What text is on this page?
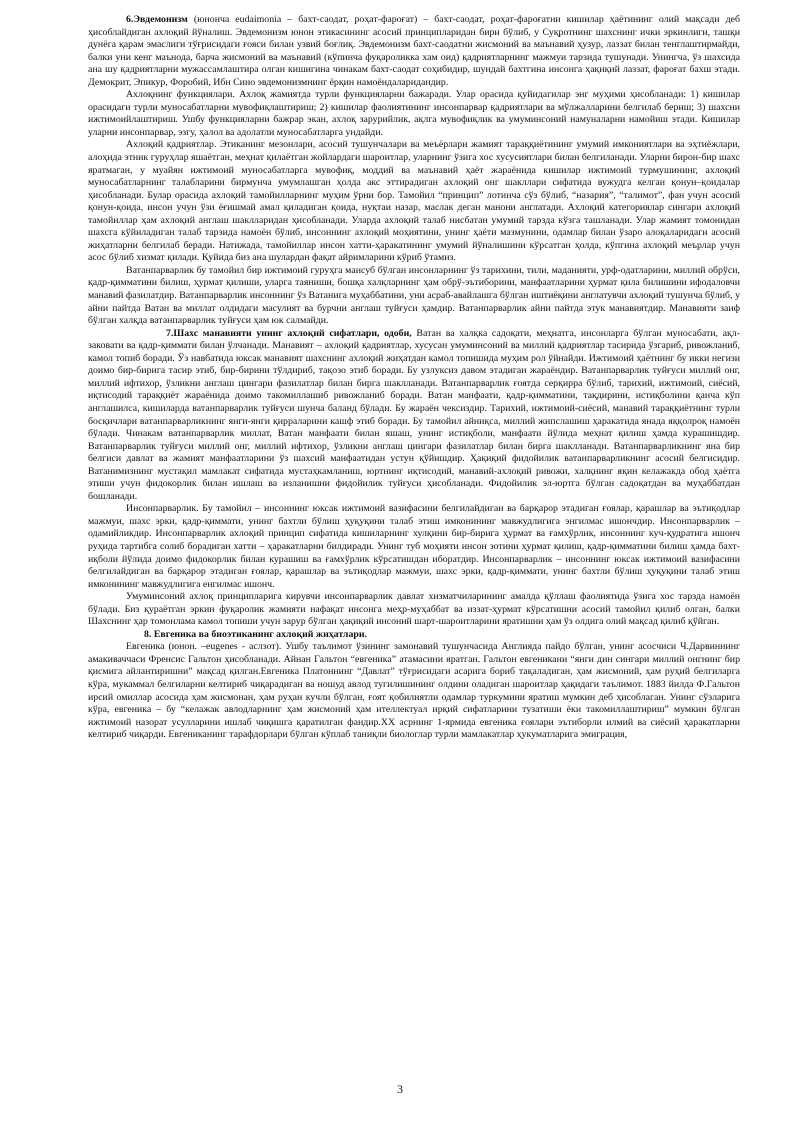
6.Эвдемонизм (юнонча eudaimonia – бахт-саодат, роҳат-фароғат) – бахт-саодат, роҳат-фароғатни кишилар ҳаётининг олий мақсади деб ҳисоблайдиган ахлоқий йўналиш. Эвдемонизм юнон этикасининг асосий принципларидан бири бўлиб, у Суқротнинг шахснинг ички эркинлиги, ташқи дунёга қарам эмаслиги тўғрисидаги ғояси билан узвий боғлиқ. Эвдемонизм бахт-саодатни жисмоний ва маънавий ҳузур, лаззат билан тенглаштирмайди, балки уни кенг маънода, барча жисмоний ва маънавий (кўпинча фуқароликка хам оид) қадриятларнинг мажмуи тарзида тушунади. Унингча, ўз шахсида ана шу қадриятларни мужассамлаштира олган кишигина чинакам бахт-саодат соҳибидир, шундай бахтгина инсонга ҳақиқий лаззат, фароғат бахш этади. Демокрит, Эпикур, Форобий, Ибн Сино эвдемонизмнинг ёрқин намоёндаларидандир.

Ахлоқнинг функциялари. Ахлоқ жамиятда турли функцияларни бажаради. Улар орасида қуйидагилар энг муҳими ҳисобланади: 1) кишилар орасидаги турли муносабатларни мувофиқлаштириш; 2) кишилар фаолиятининг инсонпарвар қадриятлари ва мўлжалларини белгилаб бериш; 3) шахсни ижтимоийлаштириш. Ушбу функцияларни бажрар экан, ахлоқ зарурийлик, ақлга мувофиқлик ва умуминсоний намуналарни намойиш этади. Кишилар уларни инсонпарвар, эзгу, ҳалол ва адолатли муносабатларга ундайди.

Ахлоқий қадриятлар. Этиканинг мезонлари, асосий тушунчалари ва меъёрлари жамият тараққиётининг умумий имкониятлари ва эҳтиёжлари, алоҳида этник гуруҳлар яшаётган, меҳнат қилаётган жойлардаги шароитлар, уларнинг ўзига хос хусусиятлари билан белгиланади. Уларни бирон-бир шахс яратмаган, у муайян ижтимоий муносабатларга мувофиқ, моддий ва маънавий ҳаёт жараёнида кишилар ижтимоий турмушининг, ахлоқий муносабатларнинг талабларини бирмунча умумлашган ҳолда акс эттирадиган ахлоқий онг шакллари сифатида вужудга келган қонун–қоидалар ҳисобланади. Булар орасида ахлоқий тамойилларнинг муҳим ўрни бор. Тамойил “принцип” лотинча сўз бўлиб, “назария”, “талимот”, фан учун асосий қонун-қоида, инсон учун ўзи ёғишмай амал қиладиган қоида, нуқтаи назар, маслак деган манони англатади. Ахлоқий категориялар сингари ахлоқий тамойиллар ҳам ахлоқий англаш шаклларидан ҳисобланади. Уларда ахлоқий талаб нисбатан умумий тарзда кўзга ташланади. Улар жамият томонидан шахсга кўйиладиган талаб тарзида намоён бўлиб, инсоннинг ахлоқий моҳиятини, унинг ҳаёти мазмунини, одамлар билан ўзаро алоқаларидаги асосий жиҳатларни белгилаб беради. Натижада, тамойиллар инсон хатти-ҳаракатининг умумий йўналишини кўрсатган ҳолда, кўпгина ахлоқий меърлар учун асос бўлиб хизмат қилади. Қуйида биз ана шулардан фақат айримларини кўриб ўтамиз.

Ватанпарварлик бу тамойил бир ижтимоий гуруҳга мансуб бўлган инсонларнинг ўз тарихини, тили, маданияти, урф-одатларини, миллий обрўси, қадр-қимматини билиш, ҳурмат қилиши, уларга таяниши, бошқа халқларнинг ҳам обрў-эътиборини, манфаатларини ҳурмат қила билишини ифодаловчи манавий фазилатдир. Ватанпарварлик инсоннинг ўз Ватанига муҳаббатини, уни асраб-авайлашга бўлган иштиёқини англатувчи ахлоқий тушунча бўлиб, у айни пайтда Ватан ва миллат олдидаги масулият ва бурчни англаш туйғуси ҳамдир. Ватанпарварлик айни пайтда этук манавиятдир. Манавияти заиф бўлган халқда ватанпарварлик туйғуси ҳам юк салмайди.

7.Шахс манавияти унинг ахлоқий сифатлари, одоби, Ватан ва халқка садоқати, меҳнатга, инсонларга бўлган муносабати, ақл-заковати ва қадр-қиммати билан ўлчанади. Манавият – ахлоқий қадриятлар, хусусан умуминсоний ва миллий қадриятлар тасирида ўзгариб, ривожланиб, камол топиб боради. Ўз навбатида юксак манавият шахснинг ахлоқий жиҳатдан камол топишида муҳим рол ўйнайди. Ижтимоий ҳаётнинг бу икки негизи доимо бир-бирига тасир этиб, бир-бирини тўлдириб, тақозо этиб боради. Бу узлуксиз давом этадиган жараёндир. Ватанпарварлик туйғуси миллий онг, миллий ифтихор, ўзликни англаш цингари фазилатлар билан бирга шаклланади. Ватанпарварлик ғоятда серқирра бўлиб, тарихий, ижтимоий, сиёсий, иқтисодий тараққиёт жараёнида доимо такомиллашиб ривожланиб боради. Ватан манфаати, қадр-қимматини, тақдирини, истиқболини қанча кўп англашилса, кишиларда ватанпарварлик туйғуси шунча баланд бўлади. Бу жараён чексиздир. Тарихий, ижтимоий-сиёсий, манавий тараққиётнинг турли босқичлари ватанпарварликнинг янги-янги қирраларини кашф этиб боради. Бу тамойил айниқса, миллий жипслашиш ҳаракатида янада яққолроқ намоён бўлади. Чинакам ватанпарварлик миллат, Ватан манфаати билан яшаш, унинг истиқболи, манфаати йўлида меҳнат қилиш ҳамда курашишдир. Ватанпарварлик туйғуси миллий онг, миллий ифтихор, ўзликни англаш цингари фазилатлар билан бирга шаклланади. Ватанпарварликнинг яна бир белгиси давлат ва жамият манфаатларини ўз шахсий манфаатидан устун қўйишдир. Ҳақиқий фидойилик ватанпарварликнинг асосий белгисидир. Ватанимизнинг мустақил мамлакат сифатида мустаҳкамланиш, юртнинг иқтисодий, манавий-ахлоқий ривожи, халқнинг яқин келажакда обод ҳаётга этиши учун фидокорлик билан ишлаш ва изланишни фидойилик туйғуси ҳисобланади. Фидойилик эл-юртга бўлган садоқатдан ва муҳаббатдан бошланади.

Инсонпарварлик. Бу тамойил – инсоннинг юксак ижтимоий вазифасини белгилайдиган ва барқарор этадиган ғоялар, қарашлар ва эътиқодлар мажмуи, шахс эрки, қадр-қиммати, унинг бахтли бўлиш ҳуқуқини талаб этиш имконининг мавжудлигига энгилмас ишончдир. Инсонпарварлик – одамийликдир. Инсонпарварлик ахлоқий принцип сифатида кишиларнинг хулқини бир-бирига ҳурмат ва ғамхўрлик, инсоннинг куч-қудратига ишонч руҳида тартибга солиб борадиган хатти – ҳаракатларни билдиради. Унинг туб моҳияти инсон зотини ҳурмат қилиш, қадр-қимматини билиш ҳамда бахт-иқболи йўлида доимо фидокорлик билан курашиш ва ғамхўрлик кўрсатишдан иборатдир. Инсонпарварлик – инсоннинг юксак ижтимоий вазифасини белгилайдиган ва барқарор этадиган ғоялар, қарашлар ва эътиқодлар мажмуи, шахс эрки, қадр-қиммати, унинг бахтли бўлиш ҳуқуқини талаб этиш имконининг мавжудлигига енгилмас ишонч.

Умуминсоний ахлоқ принципларига кирувчи инсонпарварлик давлат хизматчиларининг амалда қўллаш фаолиятида ўзига хос тарзда намоён бўлади. Биз қураётган эркин фуқаролик жамияти нафақат инсонга меҳр-муҳаббат ва иззат-ҳурмат кўрсатишни асосий тамойил қилиб олган, балки Шахснинг ҳар томонлама камол топиши учун зарур бўлган ҳақиқий инсоний шарт-шароитларини яратишни ҳам ўз олдига олий мақсад қилиб қўйган.

8. Евгеника ва биоэтиканинг ахлоқий жиҳатлари.

Евгеника (юнон. –eugenes - аслзот). Ушбу таълимот ўзининг замонавий тушунчасида Англияда пайдо бўлган, унинг асосчиси Ч.Дарвиннинг амакиваччаси Френсис Гальтон ҳисобланади. Айнан Гальтон “евгеника” атамасини яратган. Гальтон евгеникани “янги дин сингари миллий онгнинг бир қисмига айлантиришни” мақсад қилган.Евгеника Платоннинг “Давлат” тўғрисидаги асарига бориб тақаладиган, ҳам жисмоний, ҳам руҳий белгиларга кўра, мукаммал белгиларни келтириб чиқарадиган ва ношуд авлод тугилишининг олдини оладиган шароитлар ҳақидаги таълимот. 1883 йилда Ф.Гальтон ирсий омиллар асосида ҳам жисмонан, ҳам руҳан кучли бўлган, ғоят қобилиятли одамлар туркумини яратиш мумкин деб ҳисоблаган. Унинг сўзларига кўра, евгеника – бу “келажак авлодларнинг ҳам жисмоний ҳам ителлектуал ирқий сифатларини тузатиши ёки такомиллаштириш” мумкин бўлган ижтимоий назорат усулларини ишлаб чиқишга қаратилган фандир.ХХ асрнинг 1-ярмида евгеника ғоялари эътиборли илмий ва сиёсий ҳаракатларни келтириб чиқарди. Евгениканинг тарафдорлари бўлган кўплаб таниқли биологлар турли мамлакатлар ҳукуматларига эмиграция,

3
